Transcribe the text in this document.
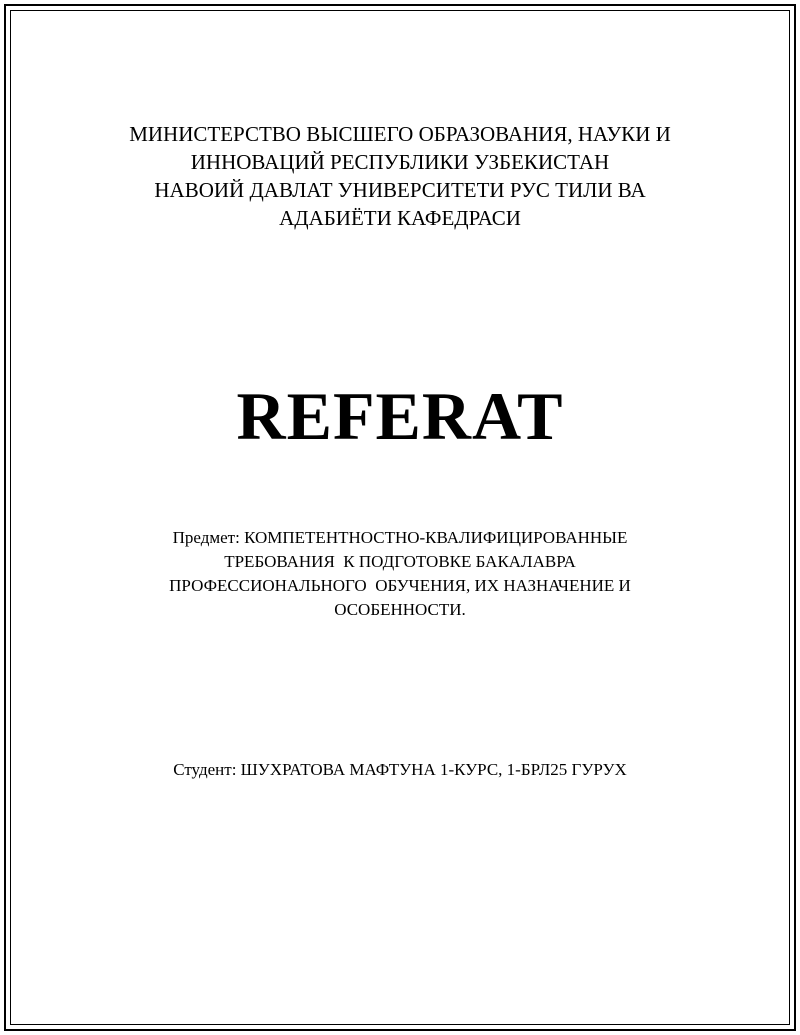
МИНИСТЕРСТВО ВЫСШЕГО ОБРАЗОВАНИЯ, НАУКИ И
ИННОВАЦИЙ РЕСПУБЛИКИ УЗБЕКИСТАН
НАВОИЙ ДАВЛАТ УНИВЕРСИТЕТИ РУС ТИЛИ ВА
АДАБИЁТИ КАФЕДРАСИ
REFERAT
Предмет: КОМПЕТЕНТНОСТНО-КВАЛИФИЦИРОВАННЫЕ
ТРЕБОВАНИЯ  К ПОДГОТОВКЕ БАКАЛАВРА
ПРОФЕССИОНАЛЬНОГО  ОБУЧЕНИЯ, ИХ НАЗНАЧЕНИЕ И
ОСОБЕННОСТИ.
Студент: ШУХРАТОВА МАФТУНА 1-КУРС, 1-БРЛ25 ГУРУХ
